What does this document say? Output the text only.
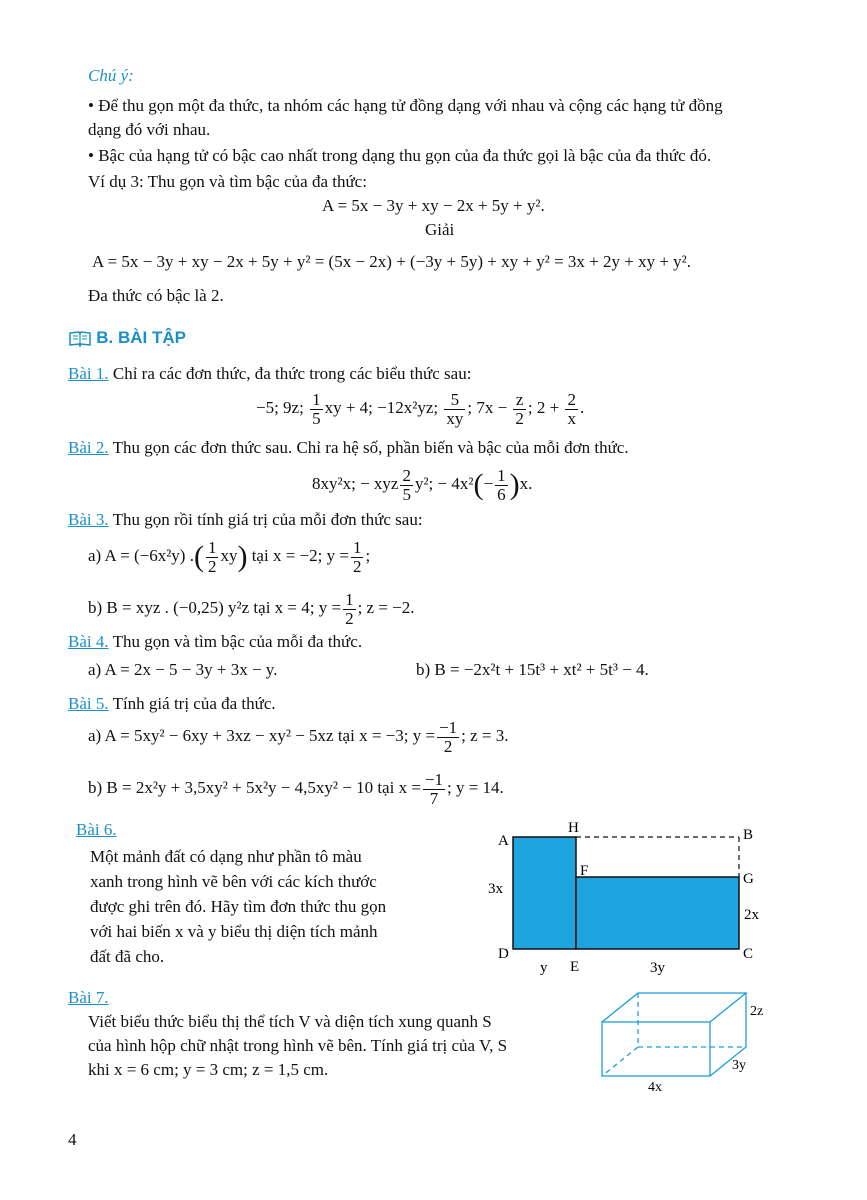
Chú ý:
• Để thu gọn một đa thức, ta nhóm các hạng tử đồng dạng với nhau và cộng các hạng tử đồng
dạng đó với nhau.
• Bậc của hạng tử có bậc cao nhất trong dạng thu gọn của đa thức gọi là bậc của đa thức đó.
Ví dụ 3: Thu gọn và tìm bậc của đa thức:
A = 5x − 3y + xy − 2x + 5y + y².
Giải
A = 5x − 3y + xy − 2x + 5y + y² = (5x − 2x) + (−3y + 5y) + xy + y² = 3x + 2y + xy + y².
Đa thức có bậc là 2.
B. BÀI TẬP
Bài 1. Chỉ ra các đơn thức, đa thức trong các biểu thức sau:
−5; 9z; $\frac{1}{5}$ xy + 4; −12x²yz; $\frac{5}{xy}$ ; $7x - \frac{z}{2}$ ; $2 + \frac{2}{x}$ .
Bài 2. Thu gọn các đơn thức sau. Chỉ ra hệ số, phần biến và bậc của mỗi đơn thức.
8xy²x; − xyz $\frac{2}{5} y^2$; − $4x^2(- \frac{1}{6} )x$.
Bài 3. Thu gọn rồi tính giá trị của mỗi đơn thức sau:
a) A = (−6x²y) .( $\frac{1}{2} xy$) tại x = −2; $y = \frac{1}{2}$ ;
b) B = xyz . (−0,25) y²z tại x = 4; $y = \frac{1}{2}$ ; z = −2.
Bài 4. Thu gọn và tìm bậc của mỗi đa thức.
a) A = 2x − 5 − 3y + 3x − y.	b) B = −2x²t + 15t³ + xt² + 5t³ − 4.
Bài 5. Tính giá trị của đa thức.
a) A = 5xy² − 6xy + 3xz − xy² − 5xz tại x = −3; $y = \frac{-1}{2}$ ; z = 3.
b) B = 2x²y + 3,5xy² + 5x²y − 4,5xy² − 10 tại $x = \frac{-1}{7}$ ; y = 14.
Bài 6.
Một mảnh đất có dạng như phần tô màu
xanh trong hình vẽ bên với các kích thước
được ghi trên đó. Hãy tìm đơn thức thu gọn
với hai biến x và y biểu thị diện tích mảnh
đất đã cho.
A
H	B
F	G
D
E
C
3x
2x
y	3y
Bài 7.
Viết biểu thức biểu thị thể tích V và diện tích xung quanh S
của hình hộp chữ nhật trong hình vẽ bên. Tính giá trị của V, S
khi x = 6 cm; y = 3 cm; z = 1,5 cm.
2z
3y
4x
4
